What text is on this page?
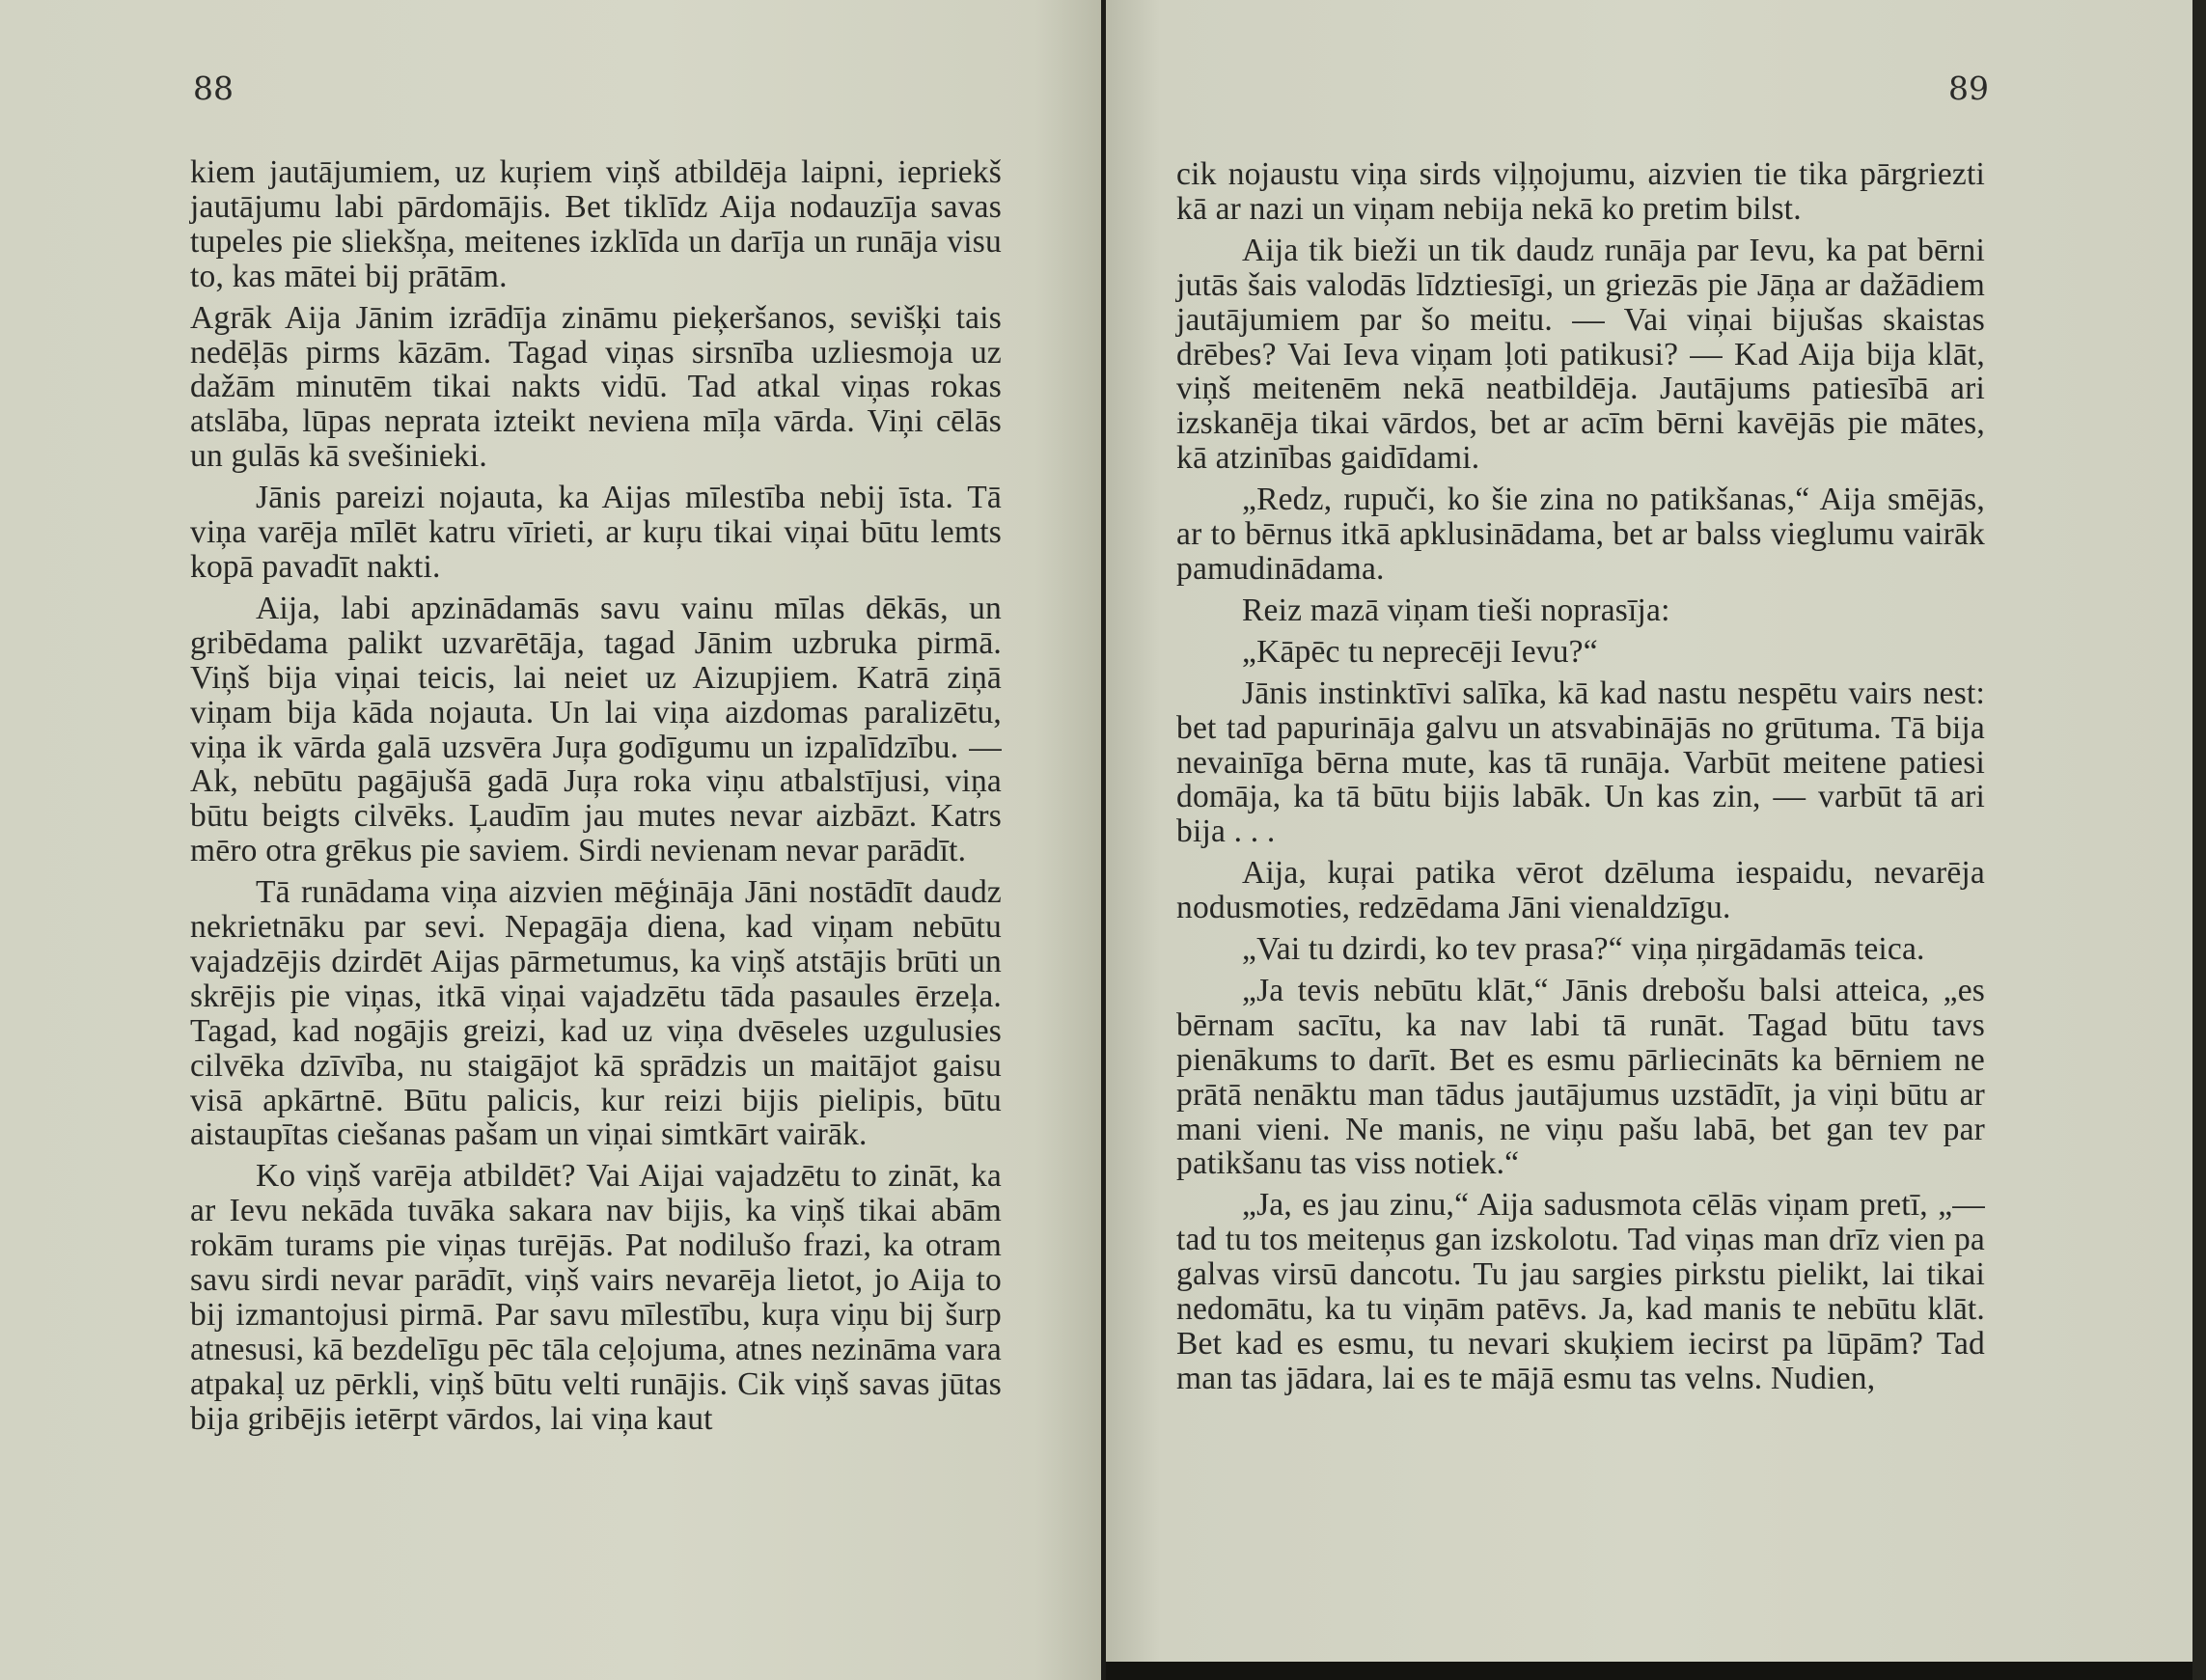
88

kiem jautājumiem, uz kuŗiem viņš atbildēja laipni, iepriekš jautājumu labi pārdomājis. Bet tiklīdz Aija nodauzīja savas tupeles pie sliekšņa, meitenes izklīda un darīja un runāja visu to, kas mātei bij prātām.

Agrāk Aija Jānim izrādīja zināmu pieķeršanos, sevišķi tais nedēļās pirms kāzām. Tagad viņas sirsnība uzliesmoja uz dažām minutēm tikai nakts vidū. Tad atkal viņas rokas atslāba, lūpas neprata izteikt neviena mīļa vārda. Viņi cēlās un gulās kā svešinieki.

Jānis pareizi nojauta, ka Aijas mīlestība nebij īsta. Tā viņa varēja mīlēt katru vīrieti, ar kuŗu tikai viņai būtu lemts kopā pavadīt nakti.

Aija, labi apzinādamās savu vainu mīlas dēkās, un gribēdama palikt uzvarētāja, tagad Jānim uzbruka pirmā. Viņš bija viņai teicis, lai neiet uz Aizupjiem. Katrā ziņā viņam bija kāda nojauta. Un lai viņa aizdomas paralizētu, viņa ik vārda galā uzsvēra Juŗa godīgumu un izpalīdzību. — Ak, nebūtu pagājušā gadā Juŗa roka viņu atbalstījusi, viņa būtu beigts cilvēks. Ļaudīm jau mutes nevar aizbāzt. Katrs mēro otra grēkus pie saviem. Sirdi nevienam nevar parādīt.

Tā runādama viņa aizvien mēģināja Jāni nostādīt daudz nekrietnāku par sevi. Nepagāja diena, kad viņam nebūtu vajadzējis dzirdēt Aijas pārmetumus, ka viņš atstājis brūti un skrējis pie viņas, itkā viņai vajadzētu tāda pasaules ērzeļa. Tagad, kad nogājis greizi, kad uz viņa dvēseles uzgulusies cilvēka dzīvība, nu staigājot kā sprādzis un maitājot gaisu visā apkārtnē. Būtu palicis, kur reizi bijis pielipis, būtu aistaupītas ciešanas pašam un viņai simtkārt vairāk.

Ko viņš varēja atbildēt? Vai Aijai vajadzētu to zināt, ka ar Ievu nekāda tuvāka sakara nav bijis, ka viņš tikai abām rokām turams pie viņas turējās. Pat nodilušo frazi, ka otram savu sirdi nevar parādīt, viņš vairs nevarēja lietot, jo Aija to bij izmantojusi pirmā. Par savu mīlestību, kuŗa viņu bij šurp atnesusi, kā bezdelīgu pēc tāla ceļojuma, atnes nezināma vara atpakaļ uz pērkli, viņš būtu velti runājis. Cik viņš savas jūtas bija gribējis ietērpt vārdos, lai viņa kaut

89

cik nojaustu viņa sirds viļņojumu, aizvien tie tika pārgriezti kā ar nazi un viņam nebija nekā ko pretim bilst.

Aija tik bieži un tik daudz runāja par Ievu, ka pat bērni jutās šais valodās līdztiesīgi, un griezās pie Jāņa ar dažādiem jautājumiem par šo meitu. — Vai viņai bijušas skaistas drēbes? Vai Ieva viņam ļoti patikusi? — Kad Aija bija klāt, viņš meitenēm nekā neatbildēja. Jautājums patiesībā ari izskanēja tikai vārdos, bet ar acīm bērni kavējās pie mātes, kā atzinības gaidīdami.

„Redz, rupuči, ko šie zina no patikšanas,“ Aija smējās, ar to bērnus itkā apklusinādama, bet ar balss vieglumu vairāk pamudinādama.

Reiz mazā viņam tieši noprasīja:

„Kāpēc tu neprecēji Ievu?“

Jānis instinktīvi salīka, kā kad nastu nespētu vairs nest: bet tad papurināja galvu un atsvabinājās no grūtuma. Tā bija nevainīga bērna mute, kas tā runāja. Varbūt meitene patiesi domāja, ka tā būtu bijis labāk. Un kas zin, — varbūt tā ari bija . . .

Aija, kuŗai patika vērot dzēluma iespaidu, nevarēja nodusmoties, redzēdama Jāni vienaldzīgu.

„Vai tu dzirdi, ko tev prasa?“ viņa ņirgādamās teica.

„Ja tevis nebūtu klāt,“ Jānis drebošu balsi atteica, „es bērnam sacītu, ka nav labi tā runāt. Tagad būtu tavs pienākums to darīt. Bet es esmu pārliecināts ka bērniem ne prātā nenāktu man tādus jautājumus uzstādīt, ja viņi būtu ar mani vieni. Ne manis, ne viņu pašu labā, bet gan tev par patikšanu tas viss notiek.“

„Ja, es jau zinu,“ Aija sadusmota cēlās viņam pretī, „— tad tu tos meiteņus gan izskolotu. Tad viņas man drīz vien pa galvas virsū dancotu. Tu jau sargies pirkstu pielikt, lai tikai nedomātu, ka tu viņām patēvs. Ja, kad manis te nebūtu klāt. Bet kad es esmu, tu nevari skuķiem iecirst pa lūpām? Tad man tas jādara, lai es te mājā esmu tas velns. Nudien,
